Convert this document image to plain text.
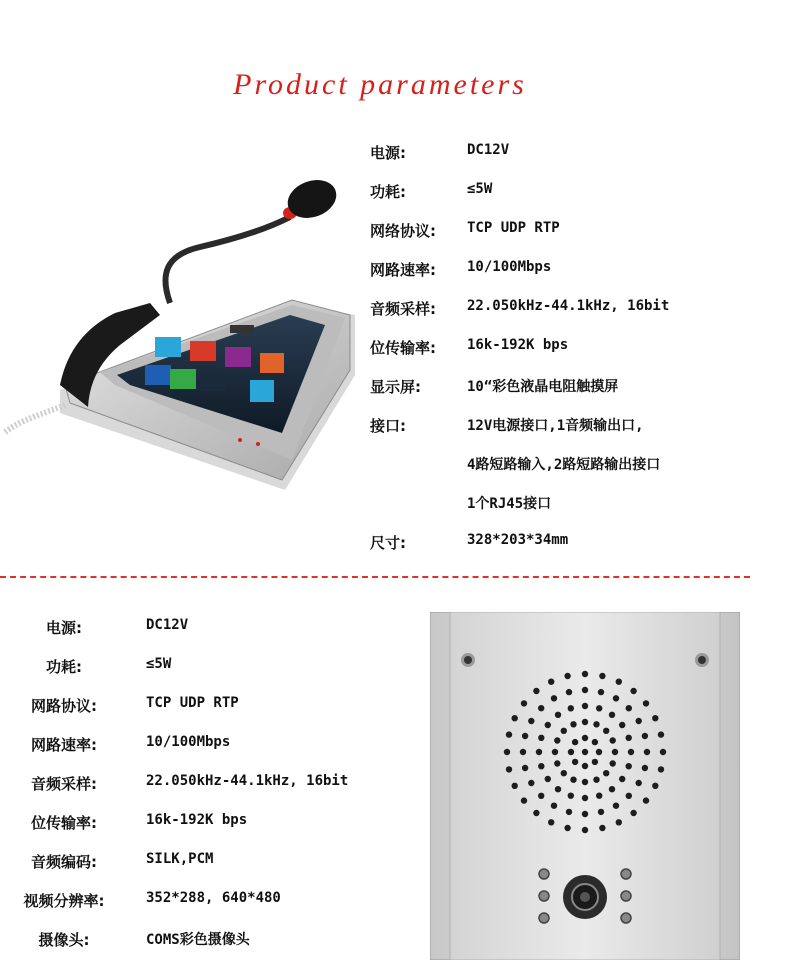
Product parameters
电源:	DC12V
功耗:	≤5W
网络协议: TCP UDP RTP
网路速率: 10/100Mbps
音频采样: 22.050kHz-44.1kHz, 16bit
位传输率: 16k-192K bps
显示屏:	10“彩色液晶电阻触摸屏
接口:	12V电源接口,1音频输出口,
4路短路输入,2路短路输出接口
1个RJ45接口
尺寸:	328*203*34mm
电源:	DC12V
功耗:	≤5W
网路协议:	TCP UDP RTP
网路速率:	10/100Mbps
音频采样:	22.050kHz-44.1kHz, 16bit
位传输率:	16k-192K bps
音频编码:	SILK,PCM
视频分辨率:	352*288, 640*480
摄像头:	COMS彩色摄像头
